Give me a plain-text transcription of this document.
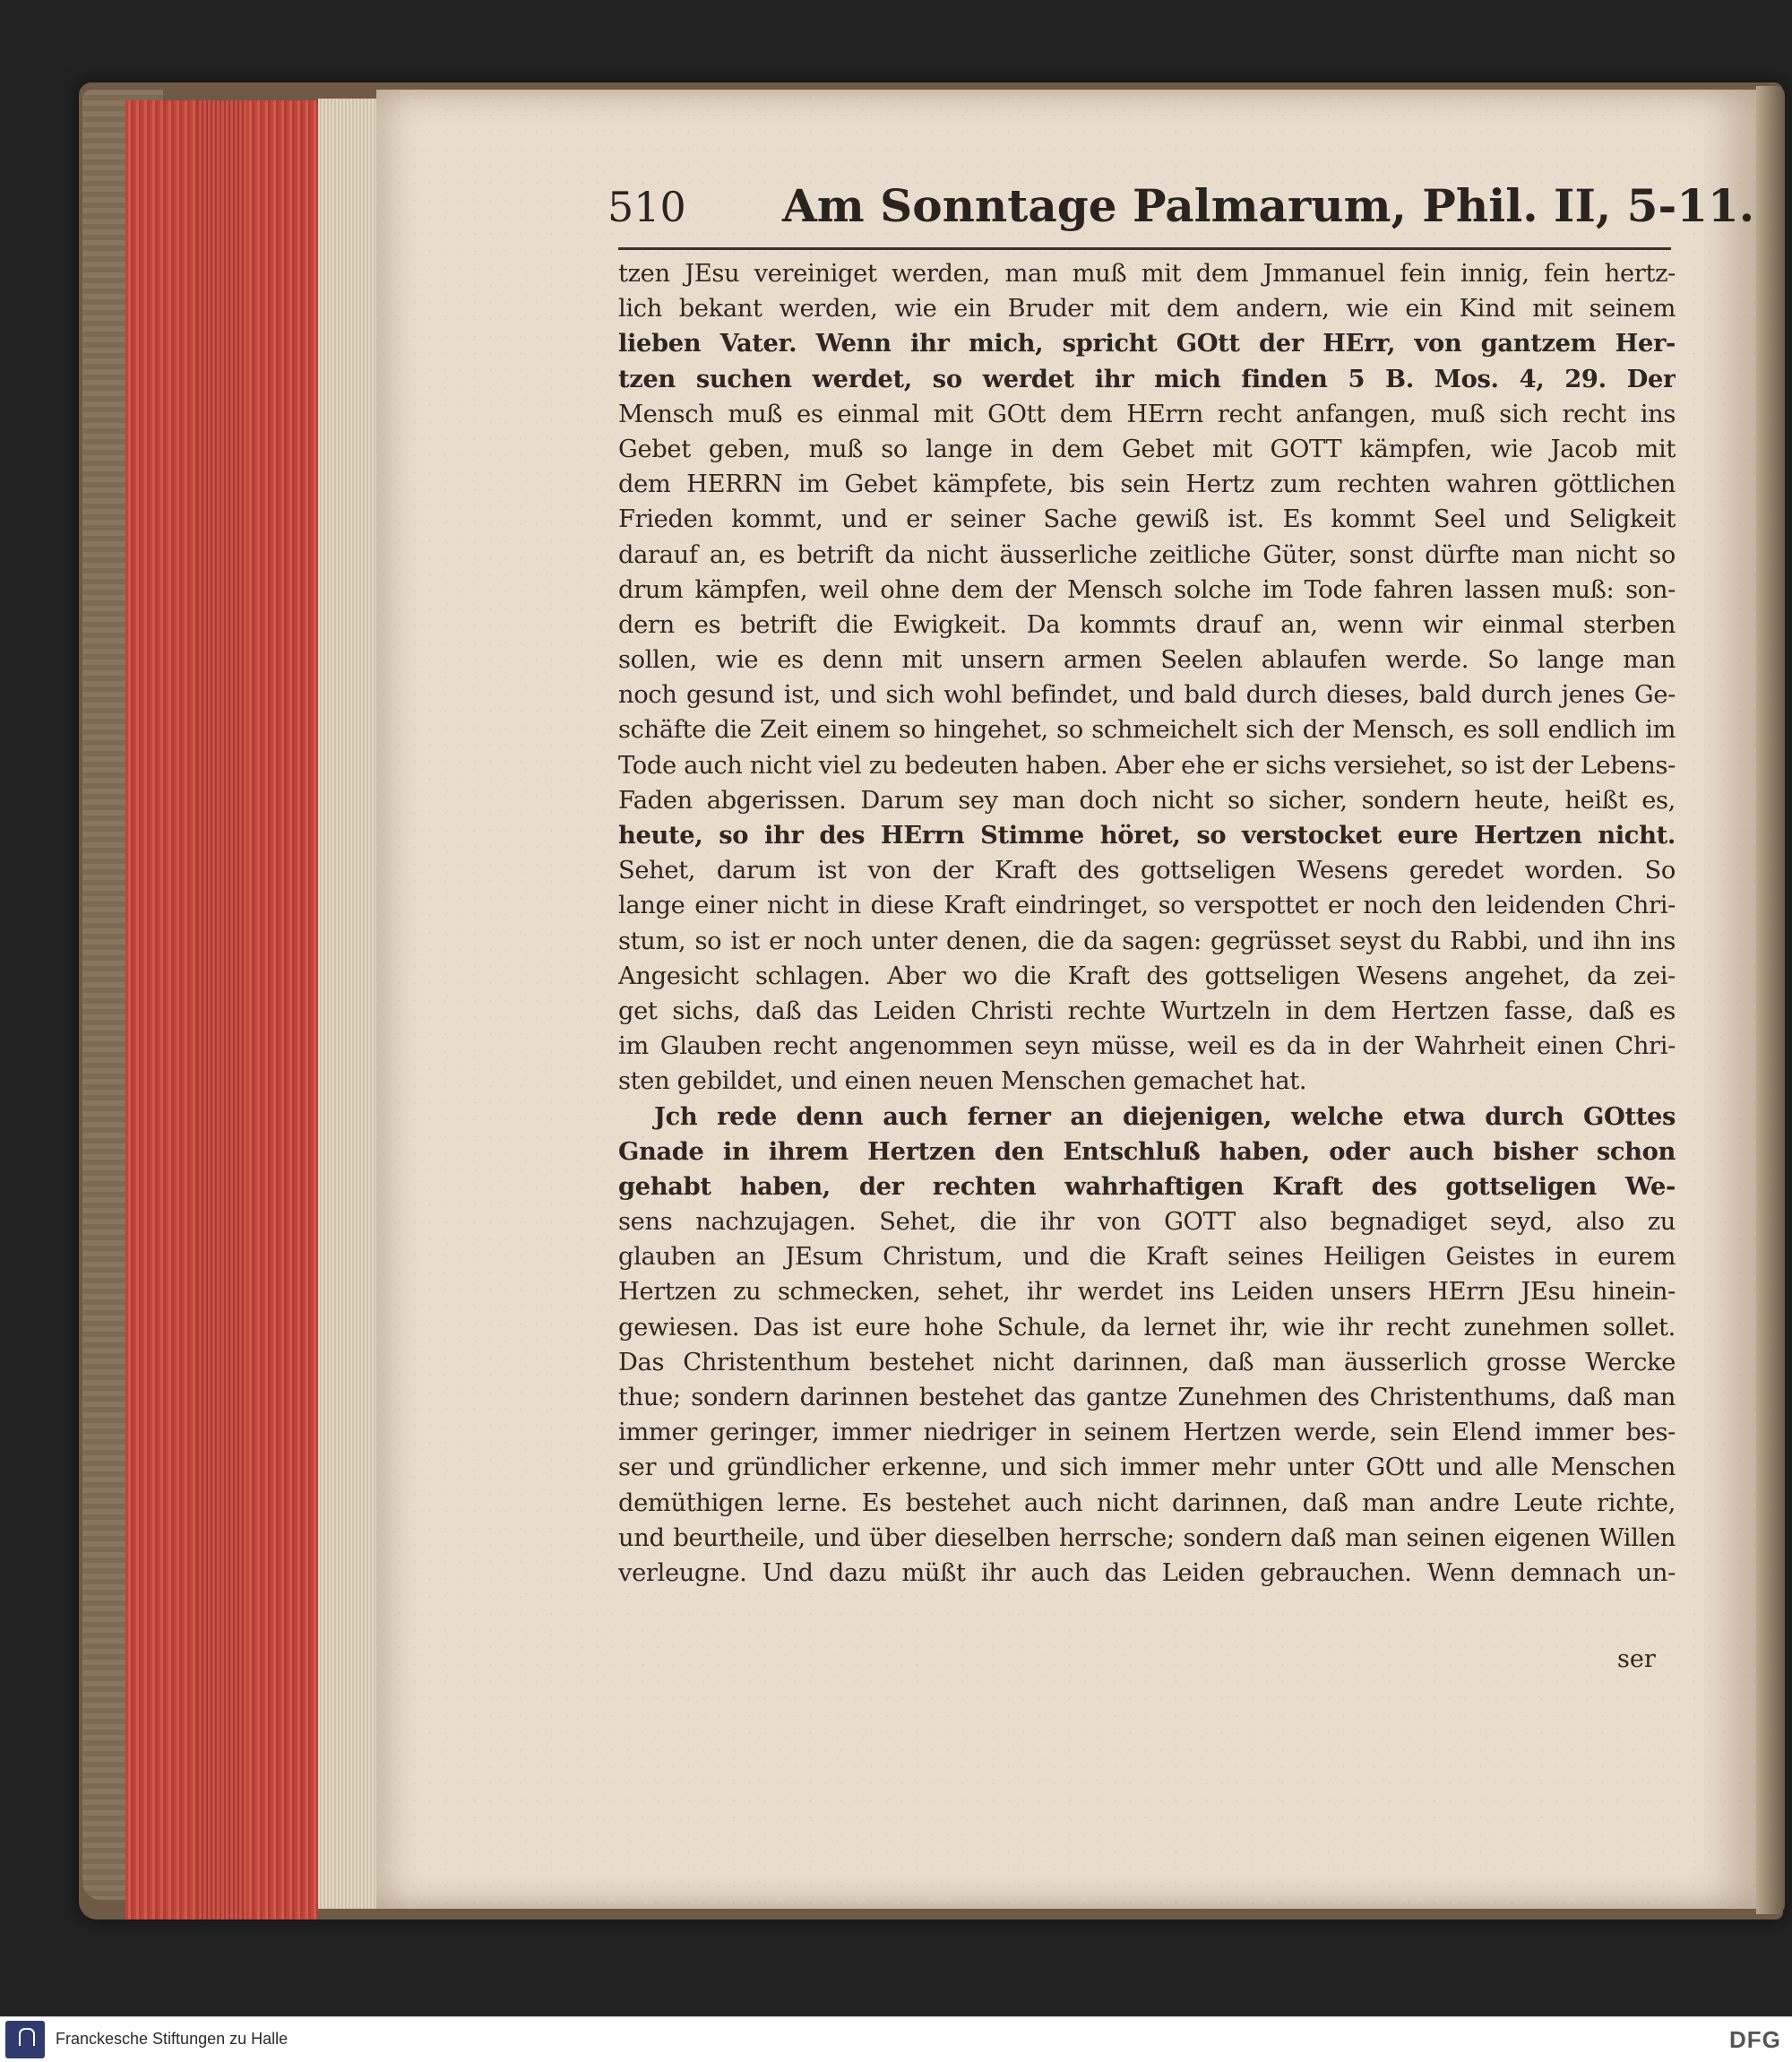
510 Am Sonntage Palmarum, Phil. II, 5-11.
tzen JEsu vereiniget werden, man muß mit dem Jmmanuel fein innig, fein hertz-
lich bekant werden, wie ein Bruder mit dem andern, wie ein Kind mit seinem
lieben Vater. Wenn ihr mich, spricht GOtt der HErr, von gantzem Her-
tzen suchen werdet, so werdet ihr mich finden 5 B. Mos. 4, 29. Der
Mensch muß es einmal mit GOtt dem HErrn recht anfangen, muß sich recht ins
Gebet geben, muß so lange in dem Gebet mit GOTT kämpfen, wie Jacob mit
dem HERRN im Gebet kämpfete, bis sein Hertz zum rechten wahren göttlichen
Frieden kommt, und er seiner Sache gewiß ist. Es kommt Seel und Seligkeit
darauf an, es betrift da nicht äusserliche zeitliche Güter, sonst dürfte man nicht so
drum kämpfen, weil ohne dem der Mensch solche im Tode fahren lassen muß: son-
dern es betrift die Ewigkeit. Da kommts drauf an, wenn wir einmal sterben
sollen, wie es denn mit unsern armen Seelen ablaufen werde. So lange man
noch gesund ist, und sich wohl befindet, und bald durch dieses, bald durch jenes Ge-
schäfte die Zeit einem so hingehet, so schmeichelt sich der Mensch, es soll endlich im
Tode auch nicht viel zu bedeuten haben. Aber ehe er sichs versiehet, so ist der Lebens-
Faden abgerissen. Darum sey man doch nicht so sicher, sondern heute, heißt es,
heute, so ihr des HErrn Stimme höret, so verstocket eure Hertzen nicht.
Sehet, darum ist von der Kraft des gottseligen Wesens geredet worden. So
lange einer nicht in diese Kraft eindringet, so verspottet er noch den leidenden Chri-
stum, so ist er noch unter denen, die da sagen: gegrüsset seyst du Rabbi, und ihn ins
Angesicht schlagen. Aber wo die Kraft des gottseligen Wesens angehet, da zei-
get sichs, daß das Leiden Christi rechte Wurtzeln in dem Hertzen fasse, daß es
im Glauben recht angenommen seyn müsse, weil es da in der Wahrheit einen Chri-
sten gebildet, und einen neuen Menschen gemachet hat.
Jch rede denn auch ferner an diejenigen, welche etwa durch GOttes
Gnade in ihrem Hertzen den Entschluß haben, oder auch bisher schon
gehabt haben, der rechten wahrhaftigen Kraft des gottseligen We-
sens nachzujagen. Sehet, die ihr von GOTT also begnadiget seyd, also zu
glauben an JEsum Christum, und die Kraft seines Heiligen Geistes in eurem
Hertzen zu schmecken, sehet, ihr werdet ins Leiden unsers HErrn JEsu hinein-
gewiesen. Das ist eure hohe Schule, da lernet ihr, wie ihr recht zunehmen sollet.
Das Christenthum bestehet nicht darinnen, daß man äusserlich grosse Wercke
thue; sondern darinnen bestehet das gantze Zunehmen des Christenthums, daß man
immer geringer, immer niedriger in seinem Hertzen werde, sein Elend immer bes-
ser und gründlicher erkenne, und sich immer mehr unter GOtt und alle Menschen
demüthigen lerne. Es bestehet auch nicht darinnen, daß man andre Leute richte,
und beurtheile, und über dieselben herrsche; sondern daß man seinen eigenen Willen
verleugne. Und dazu müßt ihr auch das Leiden gebrauchen. Wenn demnach un-
ser
Franckesche Stiftungen zu Halle	DFG
